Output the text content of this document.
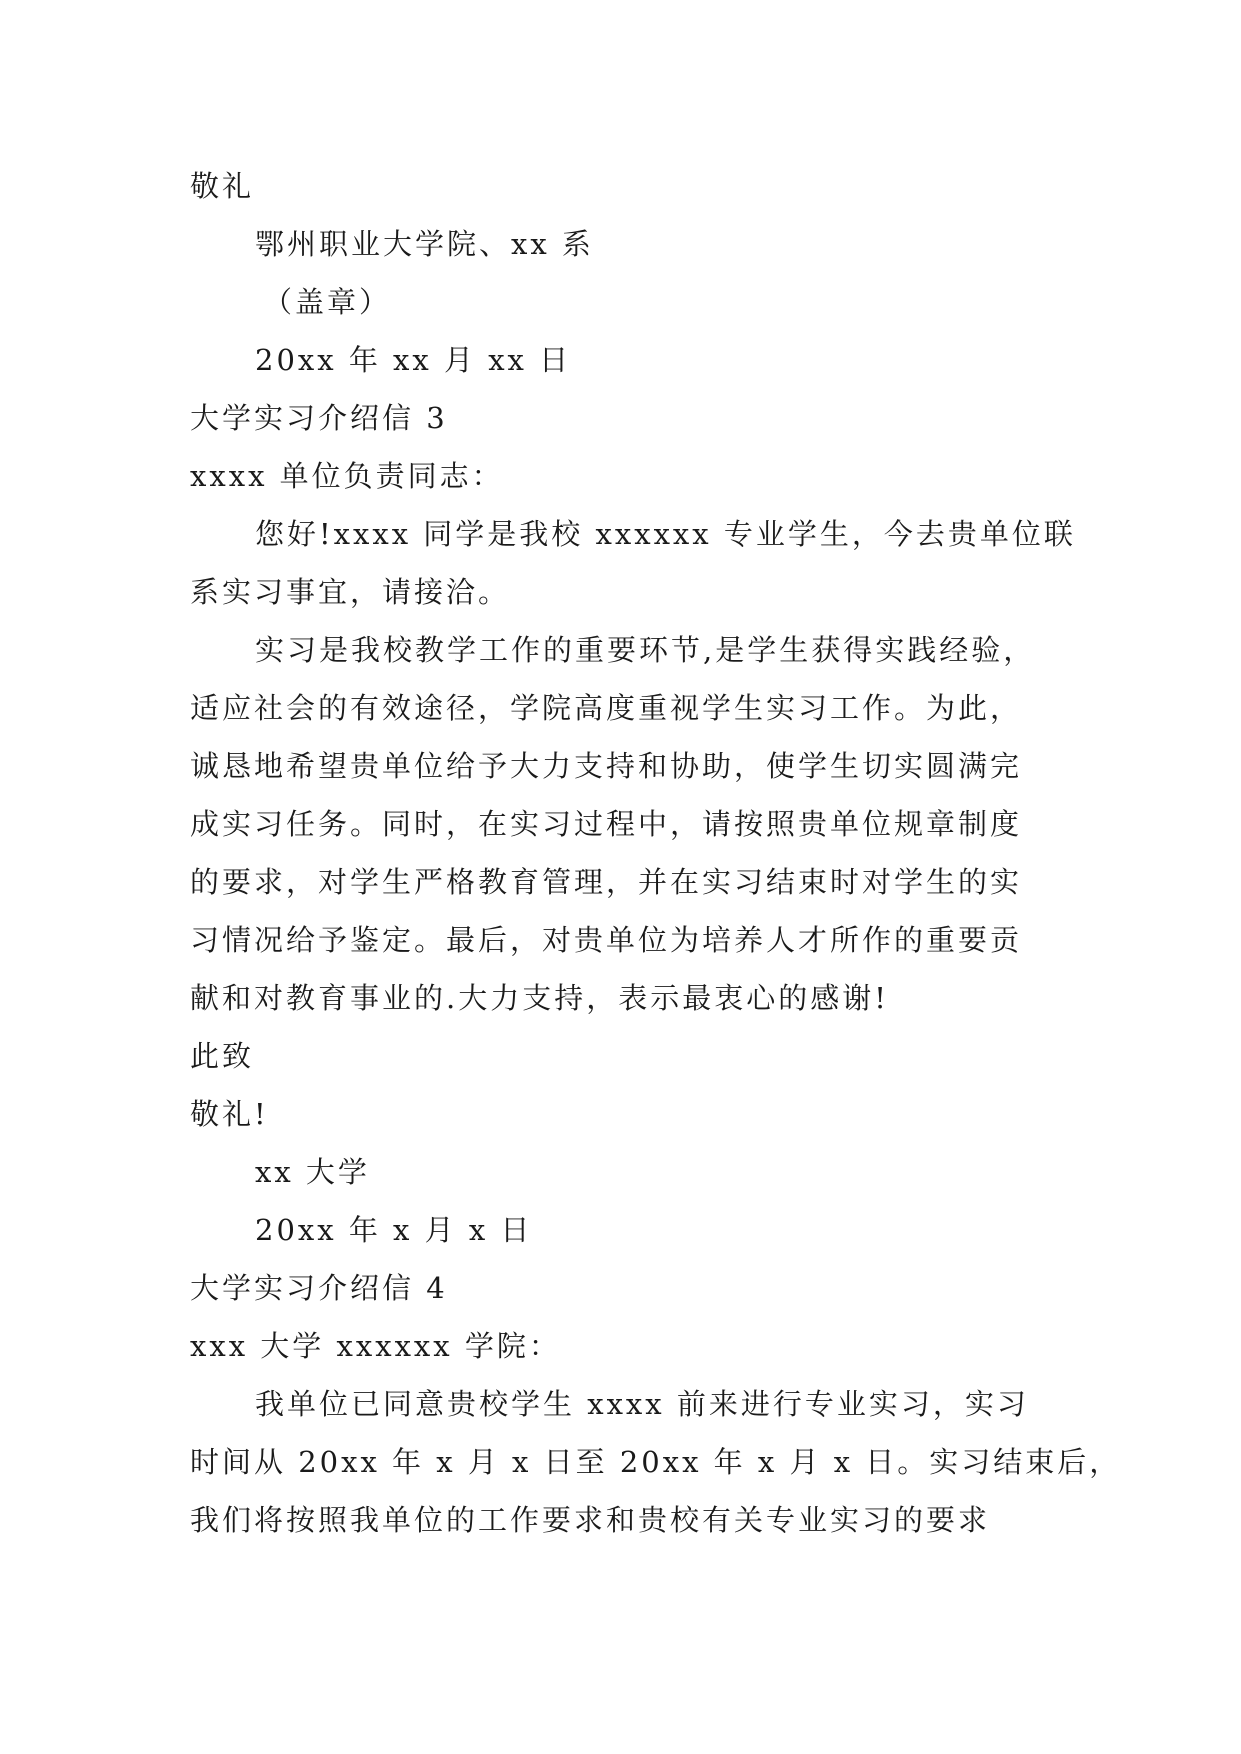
敬礼
鄂州职业大学院、xx 系
（盖章）
20xx 年 xx 月 xx 日
大学实习介绍信 3
xxxx 单位负责同志：
您好!xxxx 同学是我校 xxxxxx 专业学生，今去贵单位联
系实习事宜，请接洽。
实习是我校教学工作的重要环节,是学生获得实践经验，
适应社会的有效途径，学院高度重视学生实习工作。为此，
诚恳地希望贵单位给予大力支持和协助，使学生切实圆满完
成实习任务。同时，在实习过程中，请按照贵单位规章制度
的要求，对学生严格教育管理，并在实习结束时对学生的实
习情况给予鉴定。最后，对贵单位为培养人才所作的重要贡
献和对教育事业的.大力支持，表示最衷心的感谢!
此致
敬礼!
xx 大学
20xx 年 x 月 x 日
大学实习介绍信 4
xxx 大学 xxxxxx 学院：
我单位已同意贵校学生 xxxx 前来进行专业实习，实习
时间从 20xx 年 x 月 x 日至 20xx 年 x 月 x 日。实习结束后，
我们将按照我单位的工作要求和贵校有关专业实习的要求
